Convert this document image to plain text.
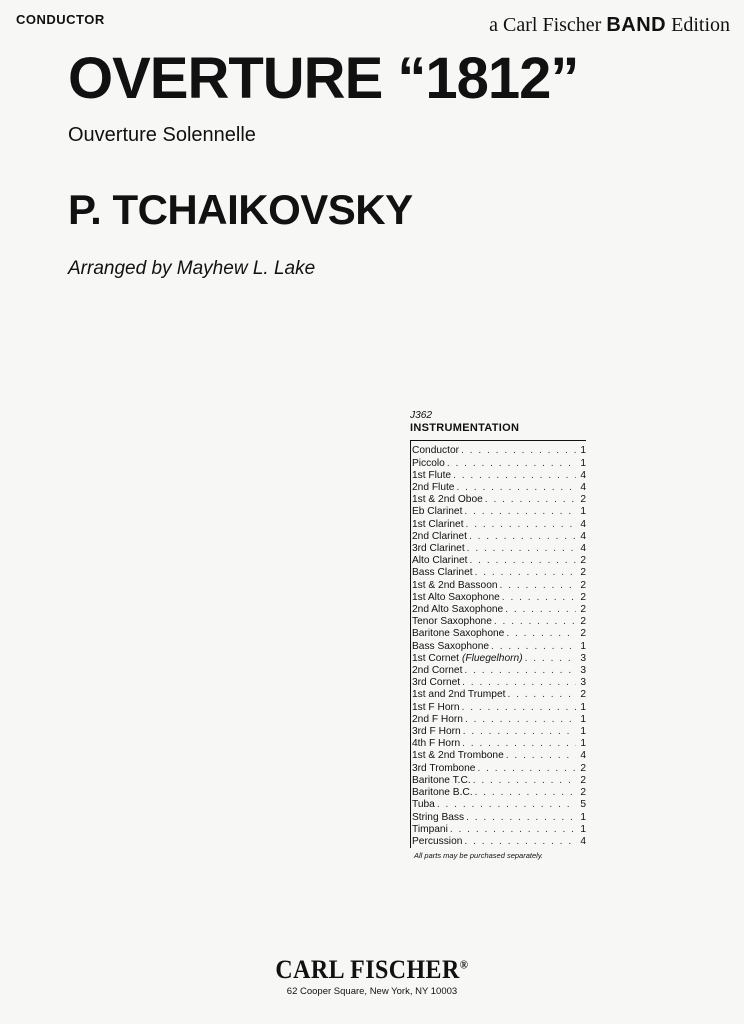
CONDUCTOR	a Carl Fischer BAND Edition
OVERTURE “1812”
Ouverture Solennelle
P. TCHAIKOVSKY
Arranged by Mayhew L. Lake
J362
INSTRUMENTATION
Conductor . . .	1
Piccolo . . .	1
1st Flute . . .	4
2nd Flute . . .	4
1st & 2nd Oboe . . .	2
Eb Clarinet . . .	1
1st Clarinet . . .	4
2nd Clarinet . . .	4
3rd Clarinet . . .	4
Alto Clarinet . . .	2
Bass Clarinet . . .	2
1st & 2nd Bassoon . . .	2
1st Alto Saxophone . . .	2
2nd Alto Saxophone . . .	2
Tenor Saxophone . . .	2
Baritone Saxophone . . .	2
Bass Saxophone . . .	1
1st Cornet (Fluegelhorn) . . .	3
2nd Cornet . . .	3
3rd Cornet . . .	3
1st and 2nd Trumpet . . .	2
1st F Horn . . .	1
2nd F Horn . . .	1
3rd F Horn . . .	1
4th F Horn . . .	1
1st & 2nd Trombone . . .	4
3rd Trombone . . .	2
Baritone T.C. . . .	2
Baritone B.C. . . .	2
Tuba . . .	5
String Bass . . .	1
Timpani . . .	1
Percussion . . .	4
All parts may be purchased separately.
CARL FISCHER®
62 Cooper Square, New York, NY 10003
